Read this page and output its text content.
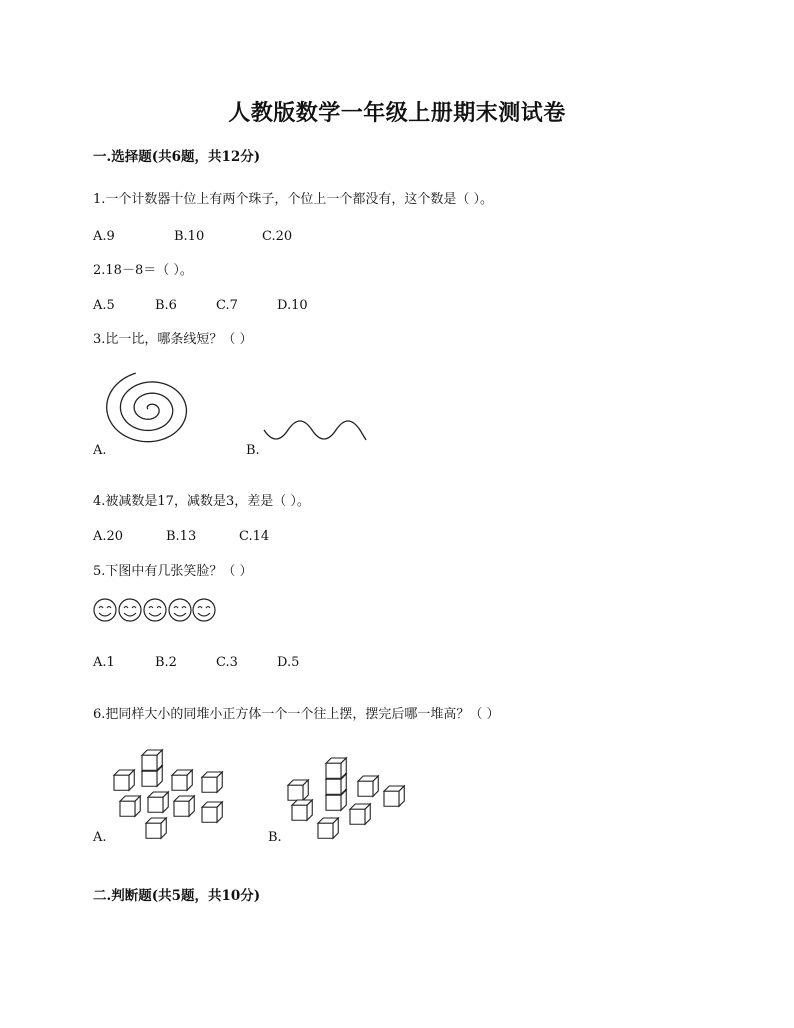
人教版数学一年级上册期末测试卷
一.选择题(共6题，共12分)
1.一个计数器十位上有两个珠子，个位上一个都没有，这个数是（ ）。
A.9	B.10	C.20
2.18－8＝（ ）。
A.5	B.6	C.7	D.10
3.比一比，哪条线短？（ ）
A.	B.
4.被减数是17，减数是3，差是（ ）。
A.20	B.13	C.14
5.下图中有几张笑脸？（ ）
A.1	B.2	C.3	D.5
6.把同样大小的同堆小正方体一个一个往上摆，摆完后哪一堆高？（ ）
A.	B.
二.判断题(共5题，共10分)
